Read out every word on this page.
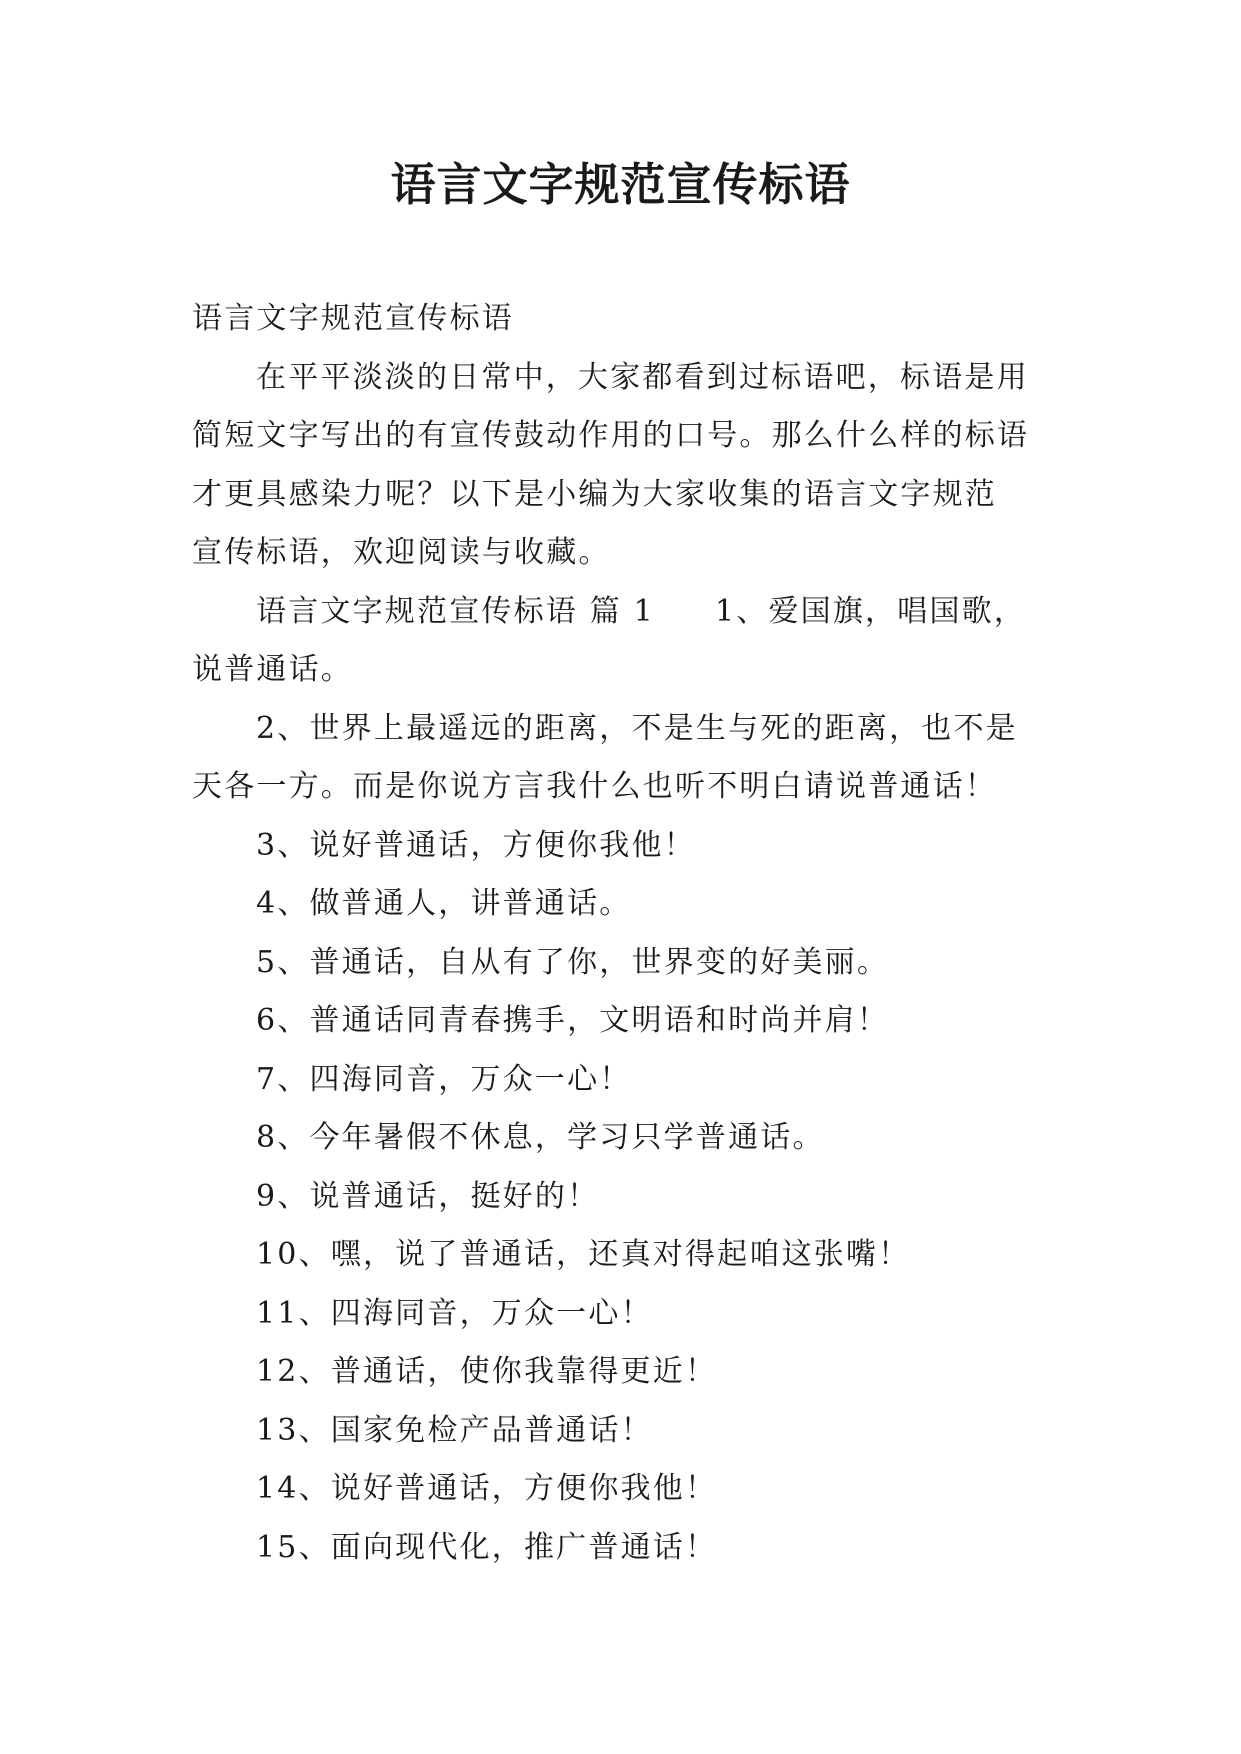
语言文字规范宣传标语
语言文字规范宣传标语
在平平淡淡的日常中，大家都看到过标语吧，标语是用
简短文字写出的有宣传鼓动作用的口号。那么什么样的标语
才更具感染力呢？以下是小编为大家收集的语言文字规范
宣传标语，欢迎阅读与收藏。
语言文字规范宣传标语 篇 1 1、爱国旗，唱国歌，
说普通话。
2、世界上最遥远的距离，不是生与死的距离，也不是
天各一方。而是你说方言我什么也听不明白请说普通话！
3、说好普通话，方便你我他！
4、做普通人，讲普通话。
5、普通话，自从有了你，世界变的好美丽。
6、普通话同青春携手，文明语和时尚并肩！
7、四海同音，万众一心！
8、今年暑假不休息，学习只学普通话。
9、说普通话，挺好的！
10、嘿，说了普通话，还真对得起咱这张嘴！
11、四海同音，万众一心！
12、普通话，使你我靠得更近！
13、国家免检产品普通话！
14、说好普通话，方便你我他！
15、面向现代化，推广普通话！
